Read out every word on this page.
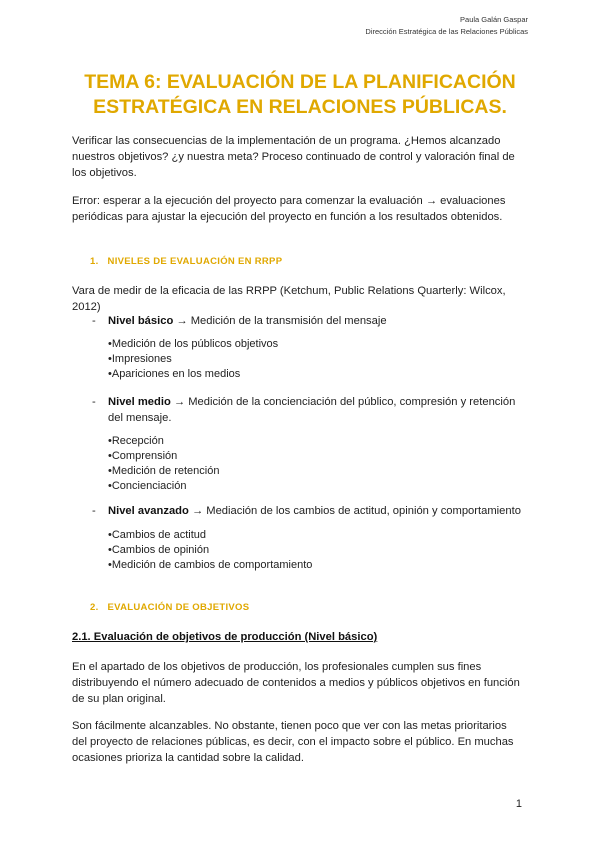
Paula Galán Gaspar
Dirección Estratégica de las Relaciones Públicas
TEMA 6: EVALUACIÓN DE LA PLANIFICACIÓN
ESTRATÉGICA EN RELACIONES PÚBLICAS.
Verificar las consecuencias de la implementación de un programa. ¿Hemos alcanzado nuestros objetivos? ¿y nuestra meta? Proceso continuado de control y valoración final de los objetivos.
Error: esperar a la ejecución del proyecto para comenzar la evaluación → evaluaciones periódicas para ajustar la ejecución del proyecto en función a los resultados obtenidos.
1. NIVELES DE EVALUACIÓN EN RRPP
Vara de medir de la eficacia de las RRPP (Ketchum, Public Relations Quarterly: Wilcox, 2012)
- Nivel básico → Medición de la transmisión del mensaje
•Medición de los públicos objetivos
•Impresiones
•Apariciones en los medios
- Nivel medio → Medición de la concienciación del público, compresión y retención del mensaje.
•Recepción
•Comprensión
•Medición de retención
•Concienciación
- Nivel avanzado → Mediación de los cambios de actitud, opinión y comportamiento
•Cambios de actitud
•Cambios de opinión
•Medición de cambios de comportamiento
2. EVALUACIÓN DE OBJETIVOS
2.1. Evaluación de objetivos de producción (Nivel básico)
En el apartado de los objetivos de producción, los profesionales cumplen sus fines distribuyendo el número adecuado de contenidos a medios y públicos objetivos en función de su plan original.
Son fácilmente alcanzables. No obstante, tienen poco que ver con las metas prioritarios del proyecto de relaciones públicas, es decir, con el impacto sobre el público. En muchas ocasiones prioriza la cantidad sobre la calidad.
1
